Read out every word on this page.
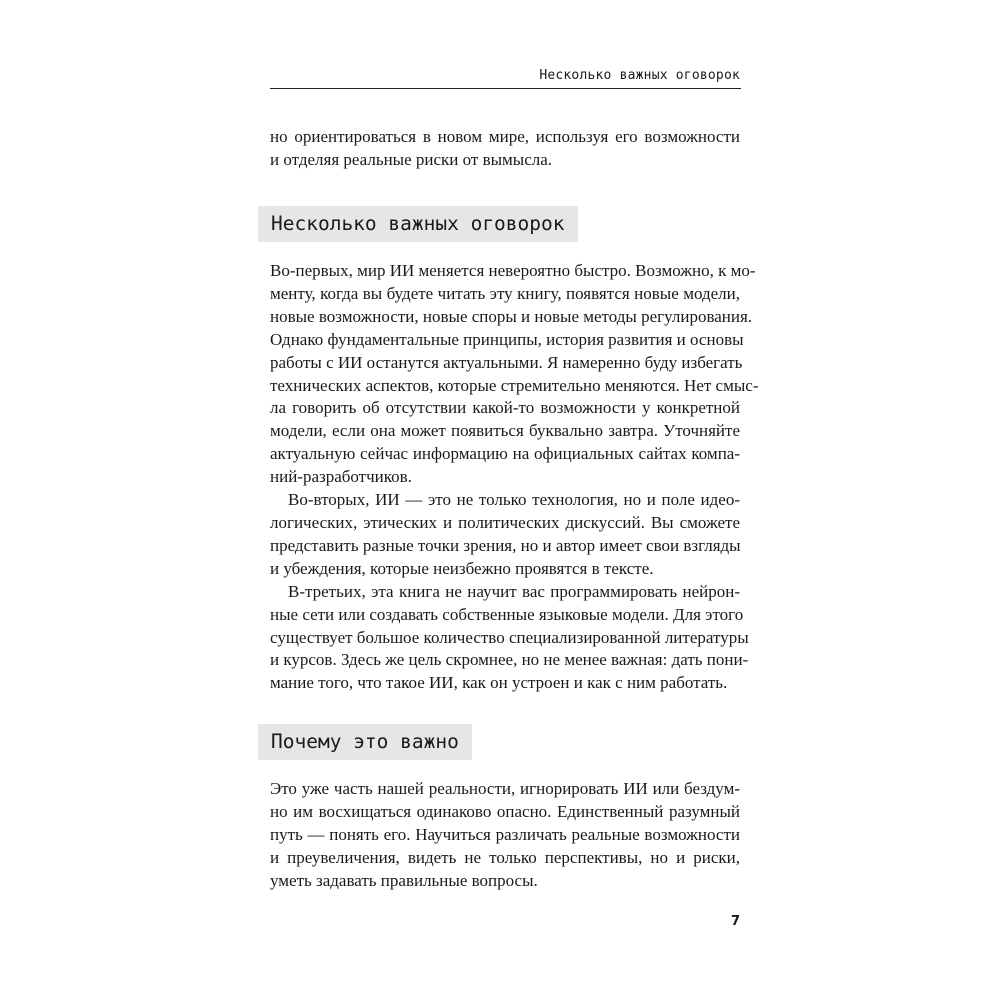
Несколько важных оговорок

но ориентироваться в новом мире, используя его возможности
и отделяя реальные риски от вымысла.

Несколько важных оговорок

Во-первых, мир ИИ меняется невероятно быстро. Возможно, к мо-
менту, когда вы будете читать эту книгу, появятся новые модели,
новые возможности, новые споры и новые методы регулирования.
Однако фундаментальные принципы, история развития и основы
работы с ИИ останутся актуальными. Я намеренно буду избегать
технических аспектов, которые стремительно меняются. Нет смыс-
ла говорить об отсутствии какой-то возможности у конкретной
модели, если она может появиться буквально завтра. Уточняйте
актуальную сейчас информацию на официальных сайтах компа-
ний-разработчиков.

Во-вторых, ИИ — это не только технология, но и поле идео-
логических, этических и политических дискуссий. Вы сможете
представить разные точки зрения, но и автор имеет свои взгляды
и убеждения, которые неизбежно проявятся в тексте.

В-третьих, эта книга не научит вас программировать нейрон-
ные сети или создавать собственные языковые модели. Для этого
существует большое количество специализированной литературы
и курсов. Здесь же цель скромнее, но не менее важная: дать пони-
мание того, что такое ИИ, как он устроен и как с ним работать.

Почему это важно

Это уже часть нашей реальности, игнорировать ИИ или бездум-
но им восхищаться одинаково опасно. Единственный разумный
путь — понять его. Научиться различать реальные возможности
и преувеличения, видеть не только перспективы, но и риски,
уметь задавать правильные вопросы.

7
